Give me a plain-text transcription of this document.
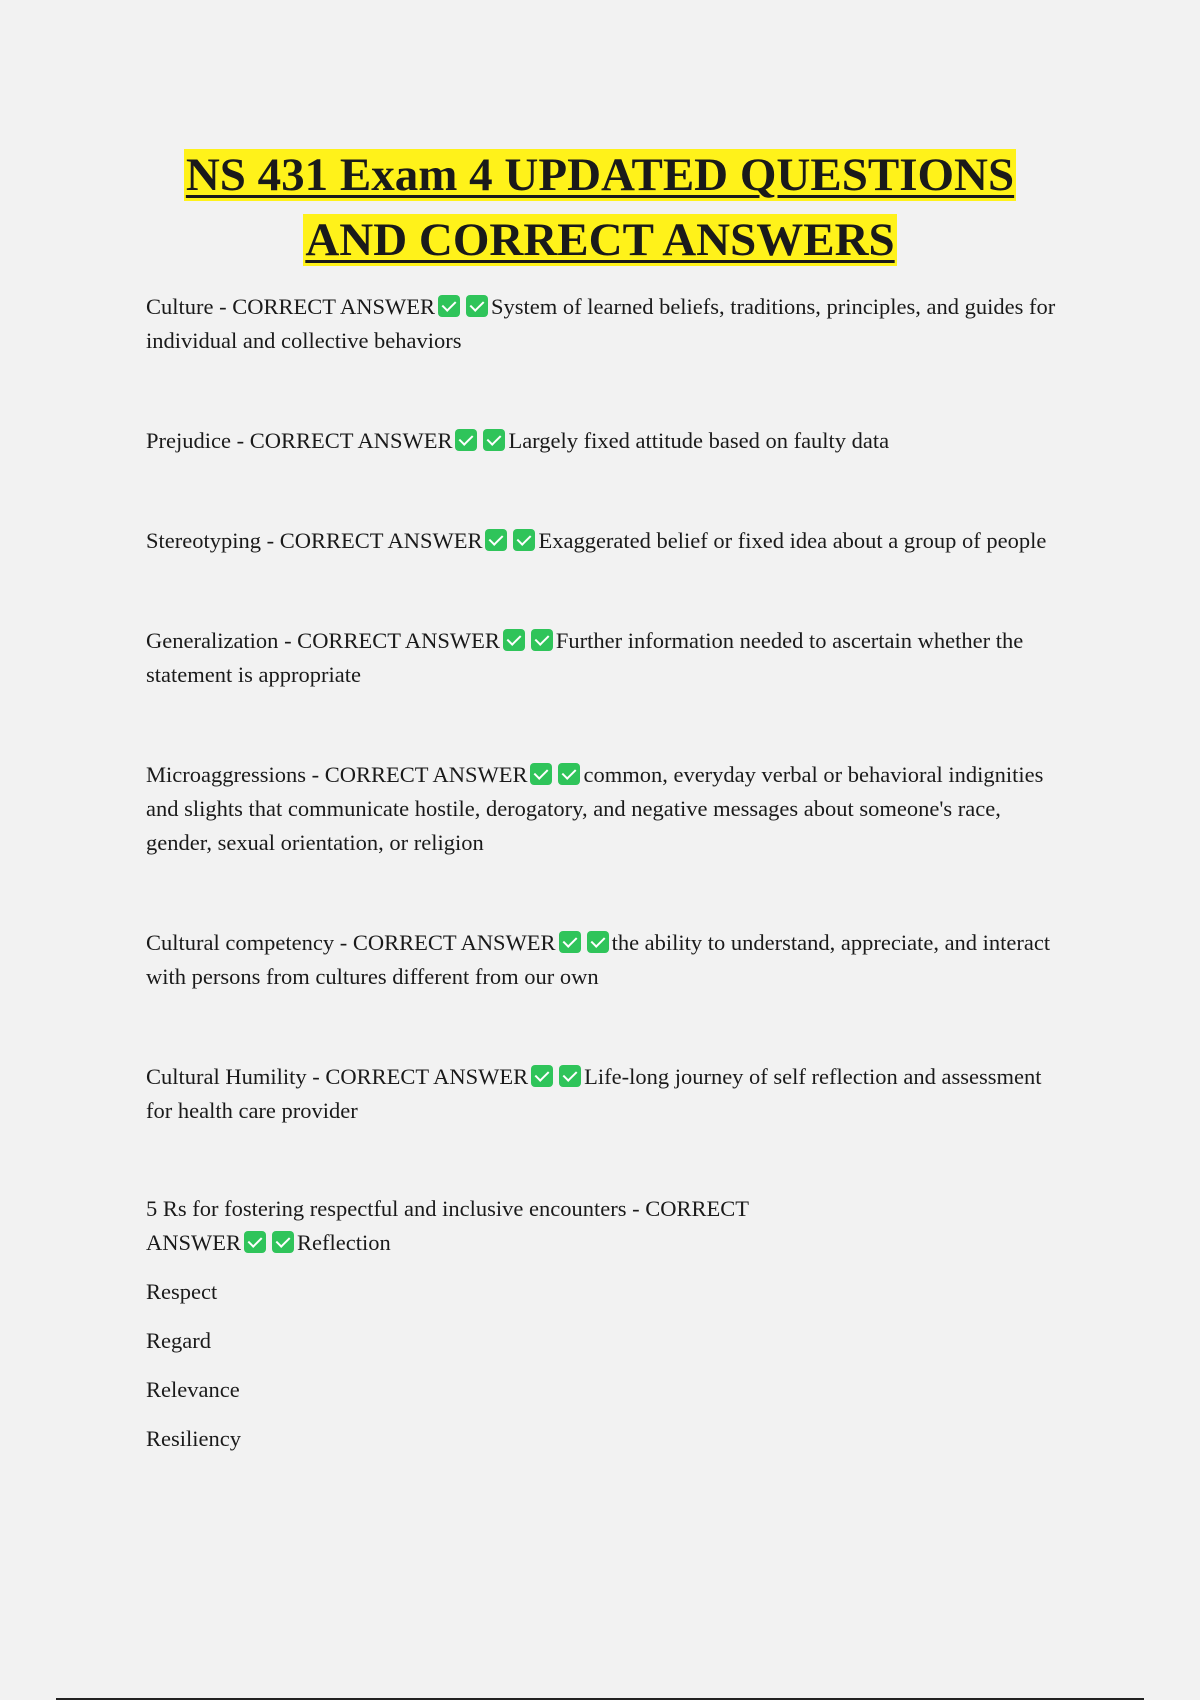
NS 431 Exam 4 UPDATED QUESTIONS
AND CORRECT ANSWERS

Culture - CORRECT ANSWER System of learned beliefs, traditions, principles, and guides for individual and collective behaviors

Prejudice - CORRECT ANSWER Largely fixed attitude based on faulty data

Stereotyping - CORRECT ANSWER Exaggerated belief or fixed idea about a group of people

Generalization - CORRECT ANSWER Further information needed to ascertain whether the statement is appropriate

Microaggressions - CORRECT ANSWER common, everyday verbal or behavioral indignities and slights that communicate hostile, derogatory, and negative messages about someone's race, gender, sexual orientation, or religion

Cultural competency - CORRECT ANSWER the ability to understand, appreciate, and interact with persons from cultures different from our own

Cultural Humility - CORRECT ANSWER Life-long journey of self reflection and assessment for health care provider

5 Rs for fostering respectful and inclusive encounters - CORRECT
ANSWER Reflection
Respect
Regard
Relevance
Resiliency
